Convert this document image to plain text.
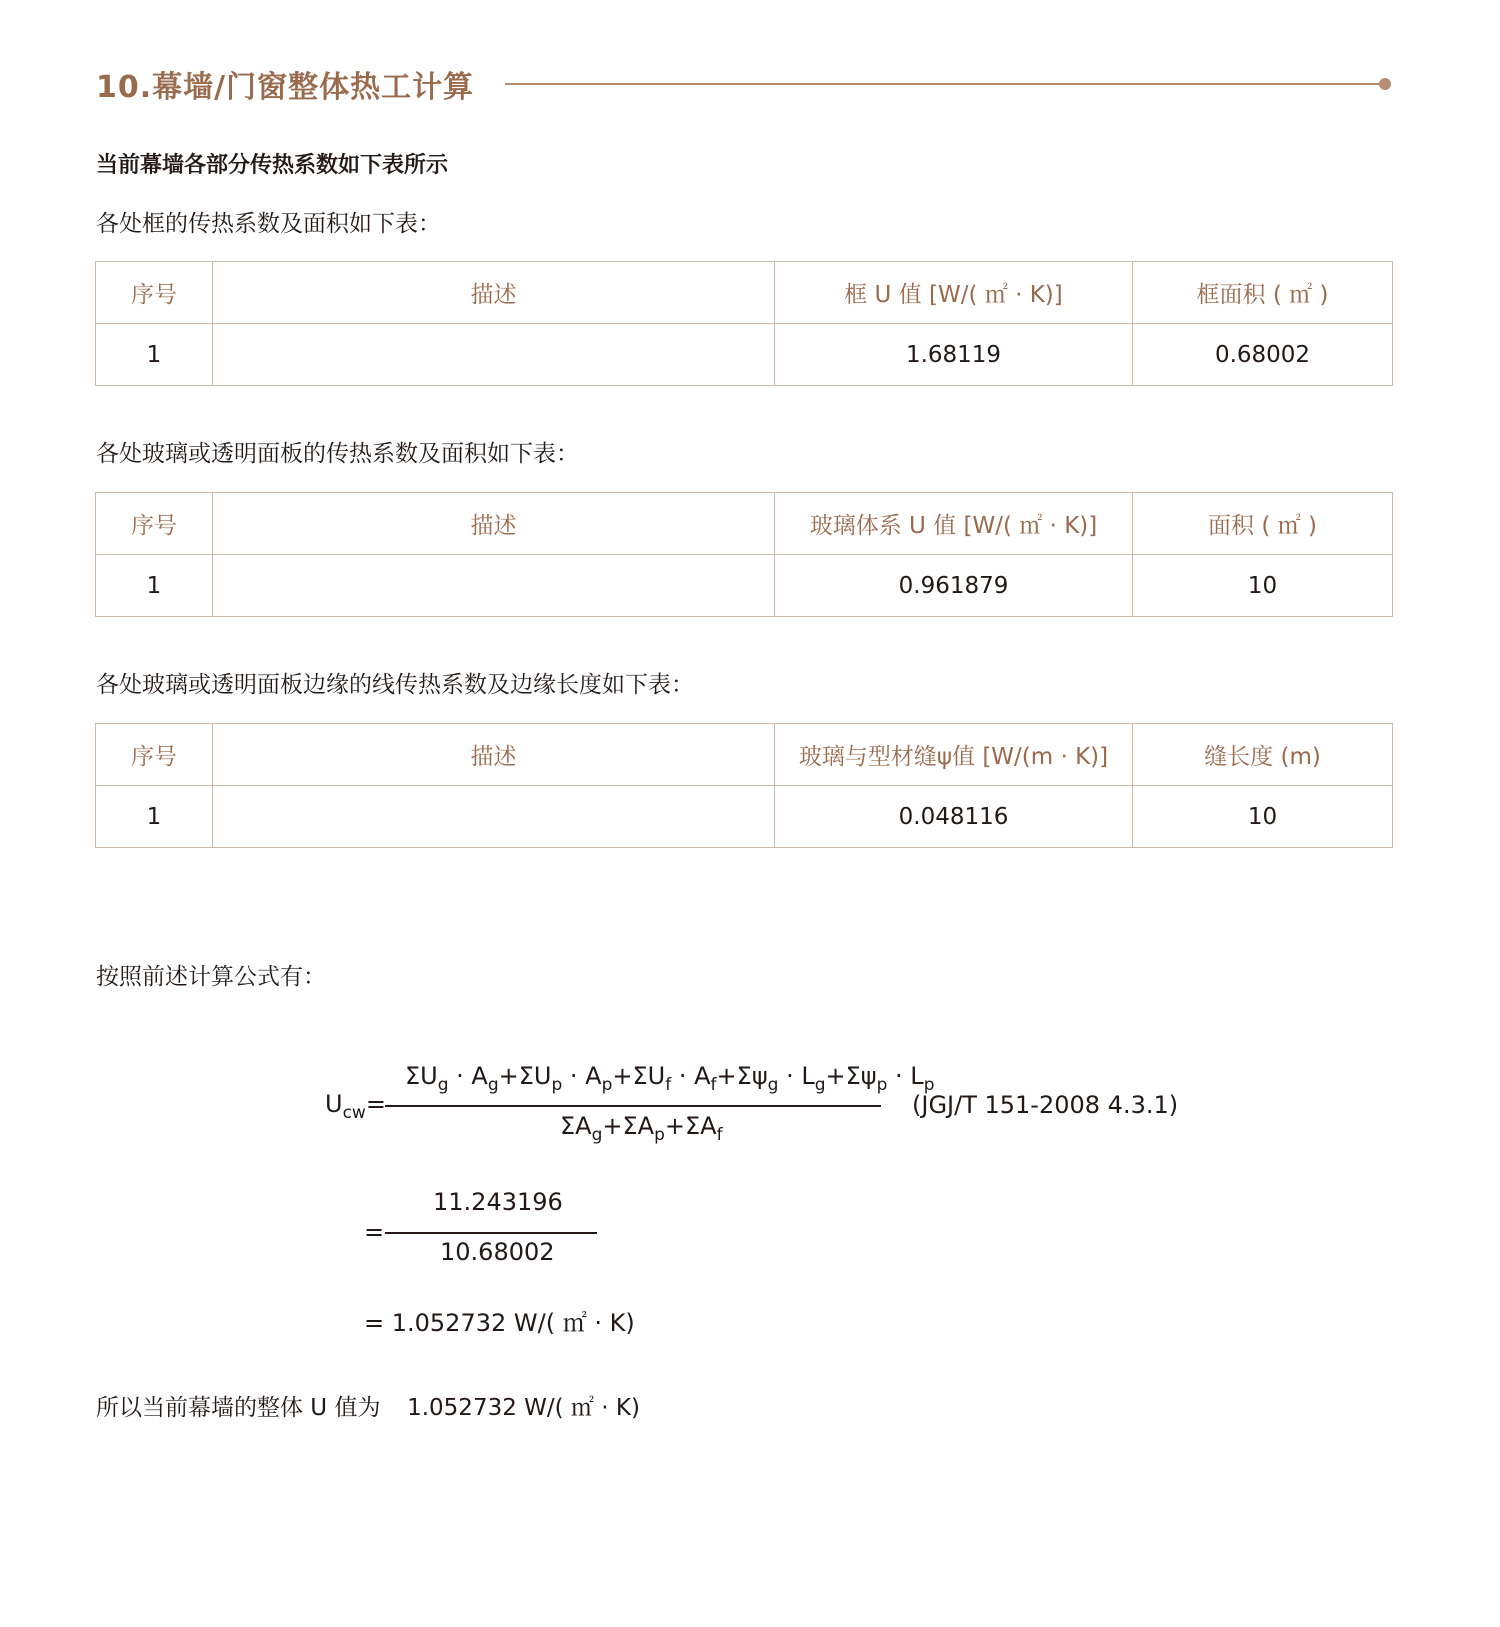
10.幕墙/门窗整体热工计算
当前幕墙各部分传热系数如下表所示
各处框的传热系数及面积如下表：
序号	描述	框 U 值 [W/( ㎡ · K)]	框面积 ( ㎡ )
1		1.68119	0.68002
各处玻璃或透明面板的传热系数及面积如下表：
序号	描述	玻璃体系 U 值 [W/( ㎡ · K)]	面积 ( ㎡ )
1		0.961879	10
各处玻璃或透明面板边缘的线传热系数及边缘长度如下表：
序号	描述	玻璃与型材缝ψ值 [W/(m · K)]	缝长度 (m)
1		0.048116	10
按照前述计算公式有：
$U_{cw}=$
$\Sigma U_g \cdot A_g+\Sigma U_p \cdot A_p+\Sigma U_f \cdot A_f+\Sigma\psi_g \cdot L_g+\Sigma\psi_p \cdot L_p$
$\Sigma A_g+\Sigma A_p+\Sigma A_f$
(JGJ/T 151-2008 4.3.1)
=
11.243196
10.68002
= 1.052732 W/( ㎡ · K)
所以当前幕墙的整体 U 值为 1.052732 W/( ㎡ · K)
